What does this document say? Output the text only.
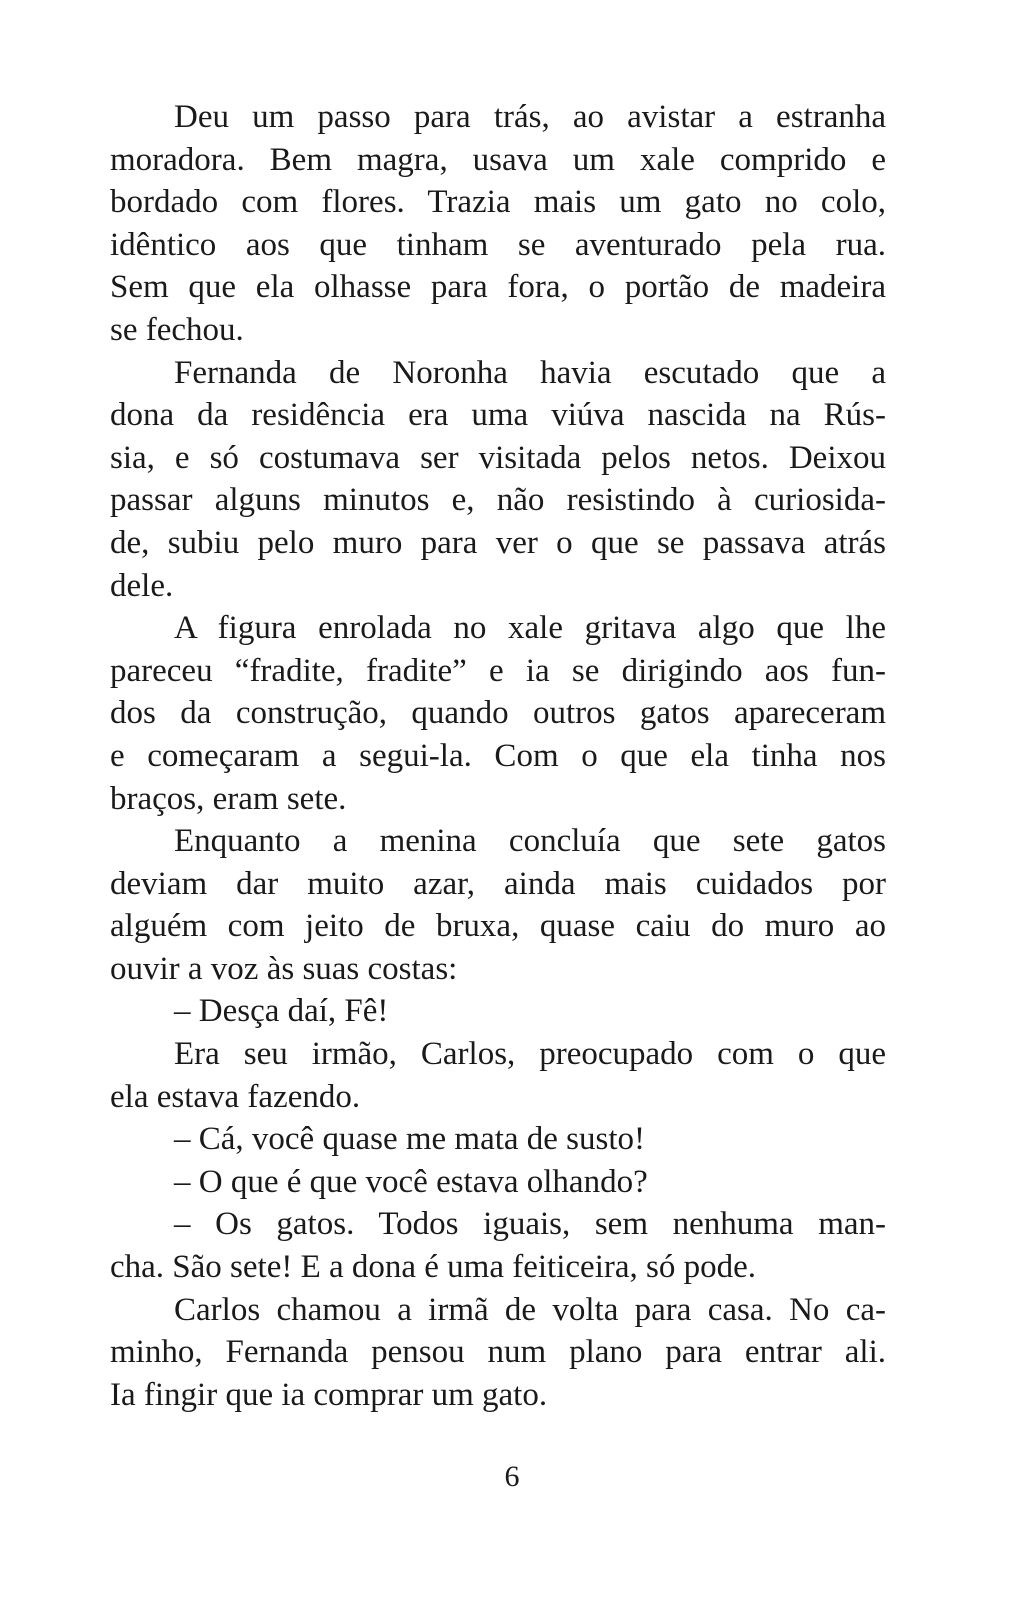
Deu um passo para trás, ao avistar a estranha
moradora. Bem magra, usava um xale comprido e
bordado com flores. Trazia mais um gato no colo,
idêntico aos que tinham se aventurado pela rua.
Sem que ela olhasse para fora, o portão de madeira
se fechou.
Fernanda de Noronha havia escutado que a
dona da residência era uma viúva nascida na Rús-
sia, e só costumava ser visitada pelos netos. Deixou
passar alguns minutos e, não resistindo à curiosida-
de, subiu pelo muro para ver o que se passava atrás
dele.
A figura enrolada no xale gritava algo que lhe
pareceu “fradite, fradite” e ia se dirigindo aos fun-
dos da construção, quando outros gatos apareceram
e começaram a segui-la. Com o que ela tinha nos
braços, eram sete.
Enquanto a menina concluía que sete gatos
deviam dar muito azar, ainda mais cuidados por
alguém com jeito de bruxa, quase caiu do muro ao
ouvir a voz às suas costas:
– Desça daí, Fê!
Era seu irmão, Carlos, preocupado com o que
ela estava fazendo.
– Cá, você quase me mata de susto!
– O que é que você estava olhando?
– Os gatos. Todos iguais, sem nenhuma man-
cha. São sete! E a dona é uma feiticeira, só pode.
Carlos chamou a irmã de volta para casa. No ca-
minho, Fernanda pensou num plano para entrar ali.
Ia fingir que ia comprar um gato.
6
